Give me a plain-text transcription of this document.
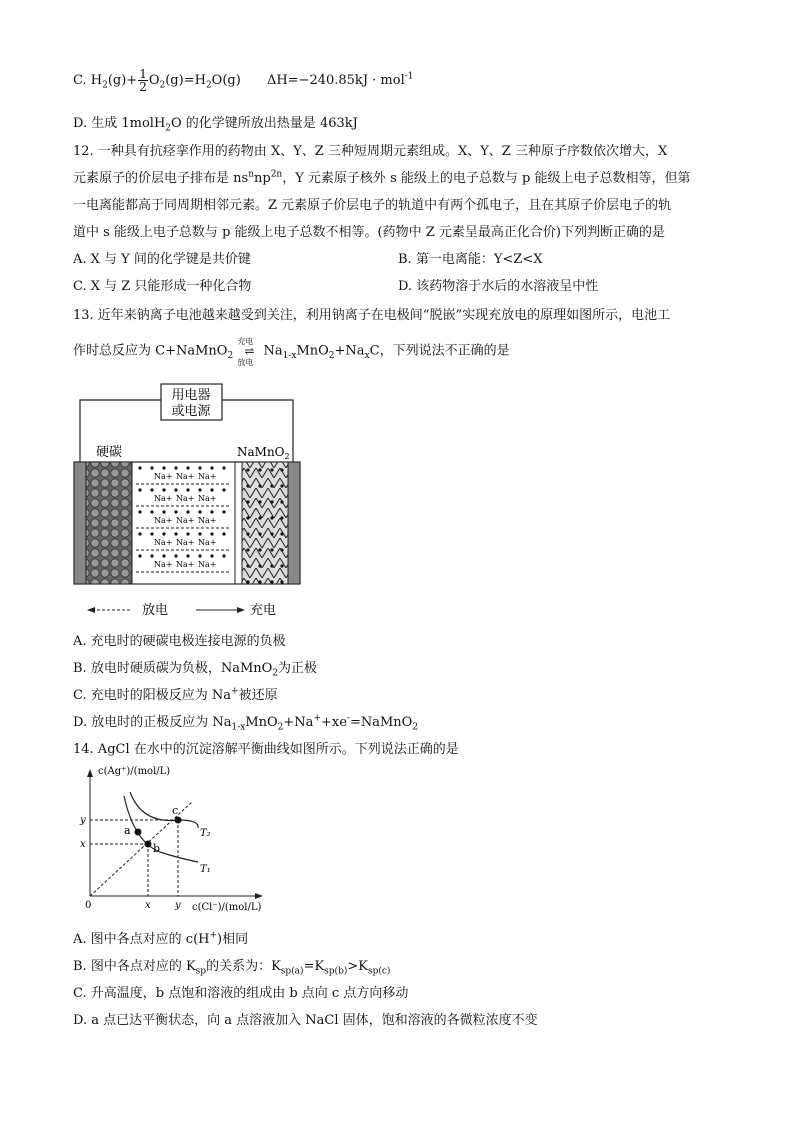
C. $H_2(g)+ \frac{1}{2} O_2(g)=H_2O(g) \Delta H=-240.85kJ \cdot mol^{-1}$
D. 生成 1molH$_2$O 的化学键所放出热量是 463kJ
12. 一种具有抗痉挛作用的药物由 X、Y、Z 三种短周期元素组成。X、Y、Z 三种原子序数依次增大，X
元素原子的价层电子排布是 $ns^nnp^{2n}$，Y 元素原子核外 s 能级上的电子总数与 p 能级上电子总数相等，但第
一电离能都高于同周期相邻元素。Z 元素原子价层电子的轨道中有两个孤电子，且在其原子价层电子的轨
道中 s 能级上电子总数与 p 能级上电子总数不相等。(药物中 Z 元素呈最高正化合价)下列判断正确的是
A. X 与 Y 间的化学键是共价键	B. 第一电离能：Y<Z<X
C. X 与 Z 只能形成一种化合物	D. 该药物溶于水后的水溶液呈中性
13. 近年来钠离子电池越来越受到关注，利用钠离子在电极间“脱嵌”实现充放电的原理如图所示，电池工
作时总反应为 C+NaMnO$_2$
充电
⇌
放电
$Na_{1-x}MnO_2+Na_xC$，下列说法不正确的是
用电器
或电源
硬碳	NaMnO$_2$
Na+ Na+ Na+
Na+ Na+ Na+
Na+ Na+ Na+
Na+ Na+ Na+
Na+ Na+ Na+
放电	充电
A. 充电时的硬碳电极连接电源的负极
B. 放电时硬质碳为负极，NaMnO$_2$为正极
C. 充电时的阳极反应为 Na+被还原
D. 放电时的正极反应为 $Na_{1-x}MnO_2+Na^++xe^-=NaMnO_2$
14. AgCl 在水中的沉淀溶解平衡曲线如图所示。下列说法正确的是
c(Ag⁺)/(mol/L)
c(Cl⁻)/(mol/L)
0
a
b
c
T₂
T₁
y
x
x y
A. 图中各点对应的 c(H+)相同
B. 图中各点对应的 $K_{sp}$的关系为：$K_{sp(a)}=K_{sp(b)}>K_{sp(c)}$
C. 升高温度，b 点饱和溶液的组成由 b 点向 c 点方向移动
D. a 点已达平衡状态，向 a 点溶液加入 NaCl 固体，饱和溶液的各微粒浓度不变
